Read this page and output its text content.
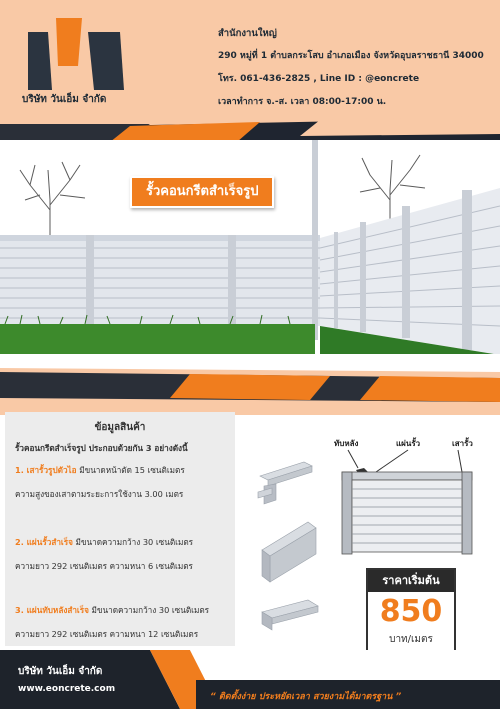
บริษัท วันเอ็ม จำกัด
สำนักงานใหญ่
290 หมู่ที่ 1 ตำบลกระโสบ อำเภอเมือง จังหวัดอุบลราชธานี 34000
โทร. 061-436-2825 , Line ID : @eoncrete
เวลาทำการ จ.-ส. เวลา 08:00-17:00 น.
รั้วคอนกรีตสำเร็จรูป
ข้อมูลสินค้า
รั้วคอนกรีตสำเร็จรูป ประกอบด้วยกัน 3 อย่างดังนี้
1. เสารั้วรูปตัวไอ มีขนาดหน้าตัด 15 เซนติเมตร
ความสูงของเสาตามระยะการใช้งาน 3.00 เมตร
2. แผ่นรั้วสำเร็จ มีขนาดความกว้าง 30 เซนติเมตร
ความยาว 292 เซนติเมตร ความหนา 6 เซนติเมตร
3. แผ่นทับหลังสำเร็จ มีขนาดความกว้าง 30 เซนติเมตร
ความยาว 292 เซนติเมตร ความหนา 12 เซนติเมตร
ทับหลัง	แผ่นรั้ว	เสารั้ว
ราคาเริ่มต้น
850
บาท/เมตร
บริษัท วันเอ็ม จำกัด
www.eoncrete.com
“ ติดตั้งง่าย ประหยัดเวลา สวยงามได้มาตรฐาน ”
